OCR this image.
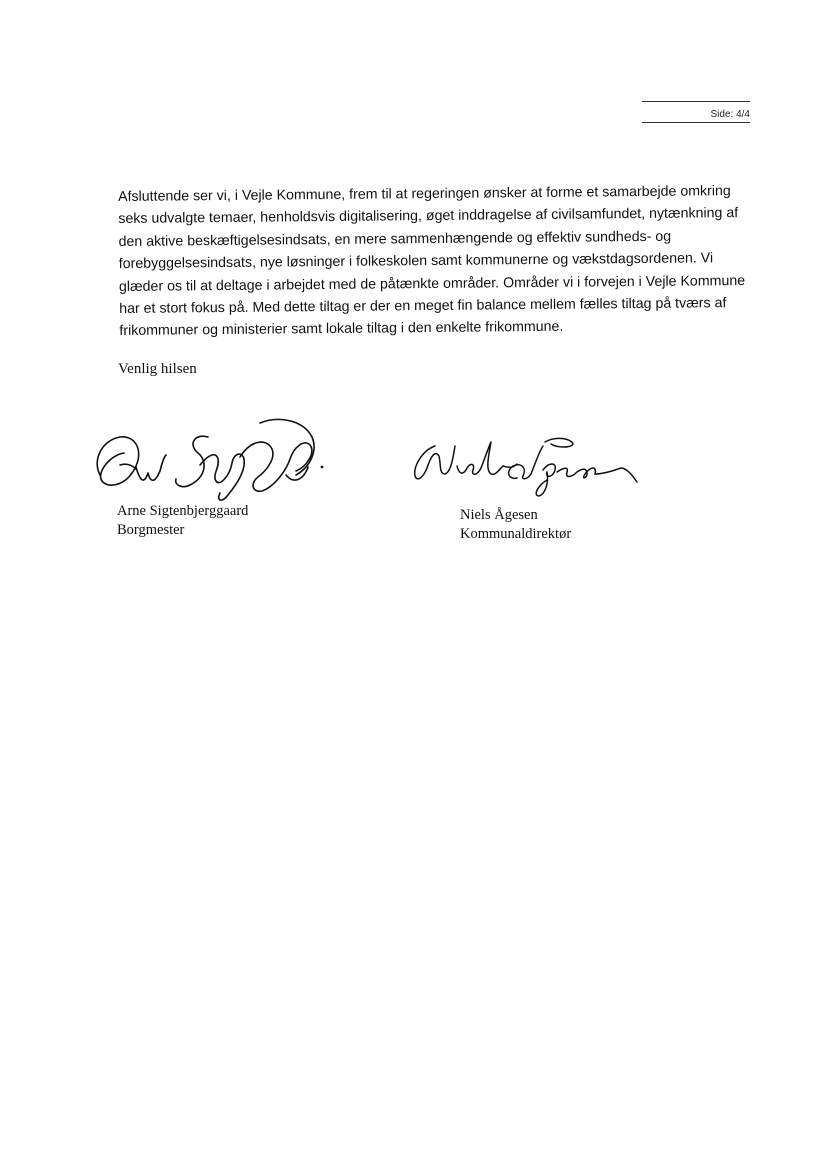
Side: 4/4

Afsluttende ser vi, i Vejle Kommune, frem til at regeringen ønsker at forme et samarbejde omkring seks udvalgte temaer, henholdsvis digitalisering, øget inddragelse af civilsamfundet, nytænkning af den aktive beskæftigelsesindsats, en mere sammenhængende og effektiv sundheds- og forebyggelsesindsats, nye løsninger i folkeskolen samt kommunerne og vækstdagsordenen. Vi glæder os til at deltage i arbejdet med de påtænkte områder. Områder vi i forvejen i Vejle Kommune har et stort fokus på. Med dette tiltag er der en meget fin balance mellem fælles tiltag på tværs af frikommuner og ministerier samt lokale tiltag i den enkelte frikommune.

Venlig hilsen
Arne Sigtenbjerggaard
Borgmester
Niels Ågesen
Kommunaldirektør
